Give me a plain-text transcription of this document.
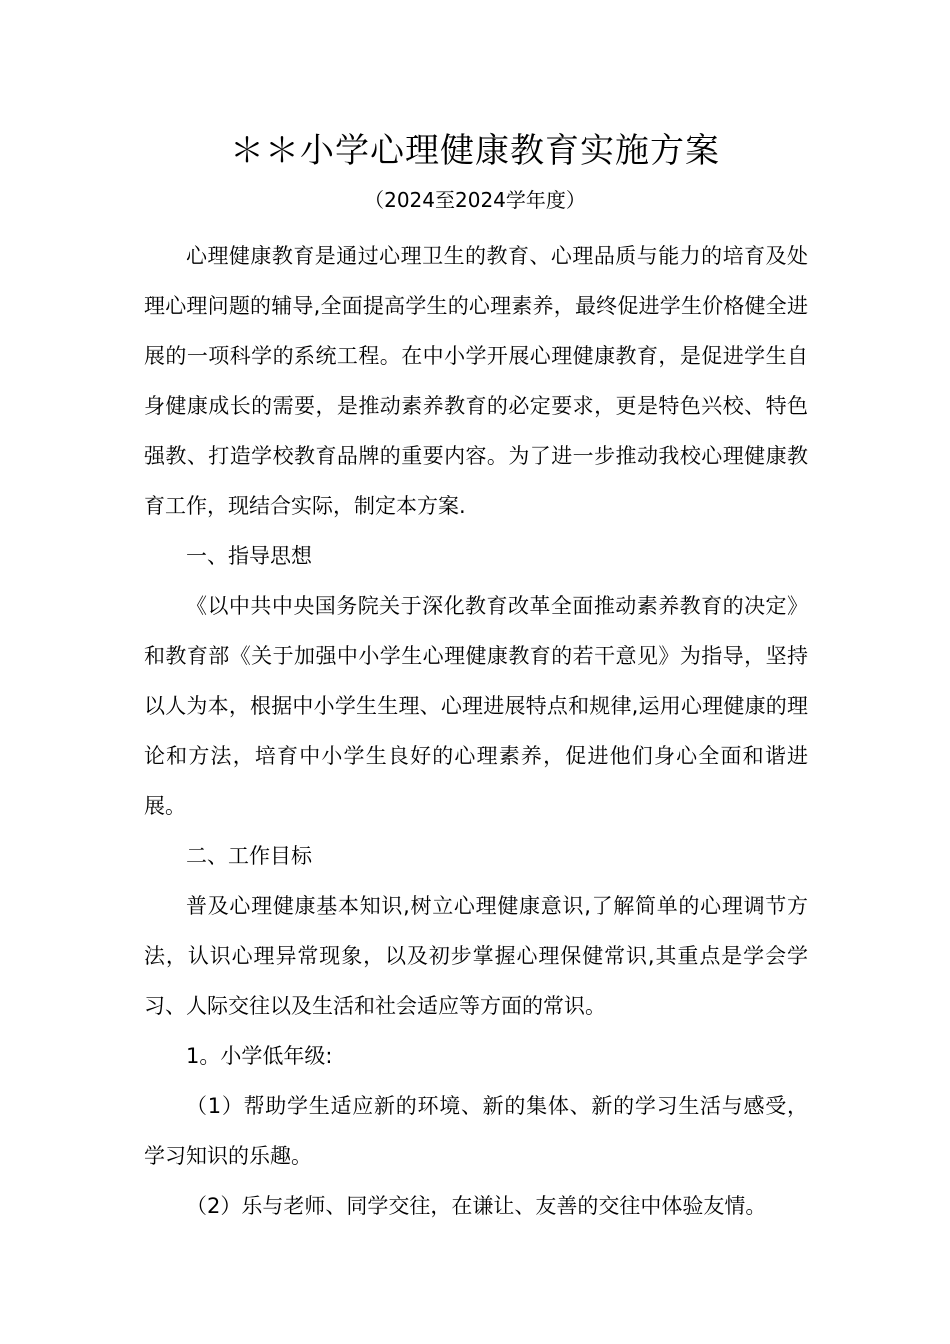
＊＊小学心理健康教育实施方案
（2024至2024学年度）

心理健康教育是通过心理卫生的教育、心理品质与能力的培育及处理心理问题的辅导,全面提高学生的心理素养，最终促进学生价格健全进展的一项科学的系统工程。在中小学开展心理健康教育，是促进学生自身健康成长的需要，是推动素养教育的必定要求，更是特色兴校、特色强教、打造学校教育品牌的重要内容。为了进一步推动我校心理健康教育工作，现结合实际，制定本方案.

一、指导思想

《以中共中央国务院关于深化教育改革全面推动素养教育的决定》和教育部《关于加强中小学生心理健康教育的若干意见》为指导，坚持以人为本，根据中小学生生理、心理进展特点和规律,运用心理健康的理论和方法，培育中小学生良好的心理素养，促进他们身心全面和谐进展。

二、工作目标

普及心理健康基本知识,树立心理健康意识,了解简单的心理调节方法，认识心理异常现象，以及初步掌握心理保健常识,其重点是学会学习、人际交往以及生活和社会适应等方面的常识。

1。小学低年级:

（1）帮助学生适应新的环境、新的集体、新的学习生活与感受，学习知识的乐趣。

（2）乐与老师、同学交往，在谦让、友善的交往中体验友情。
